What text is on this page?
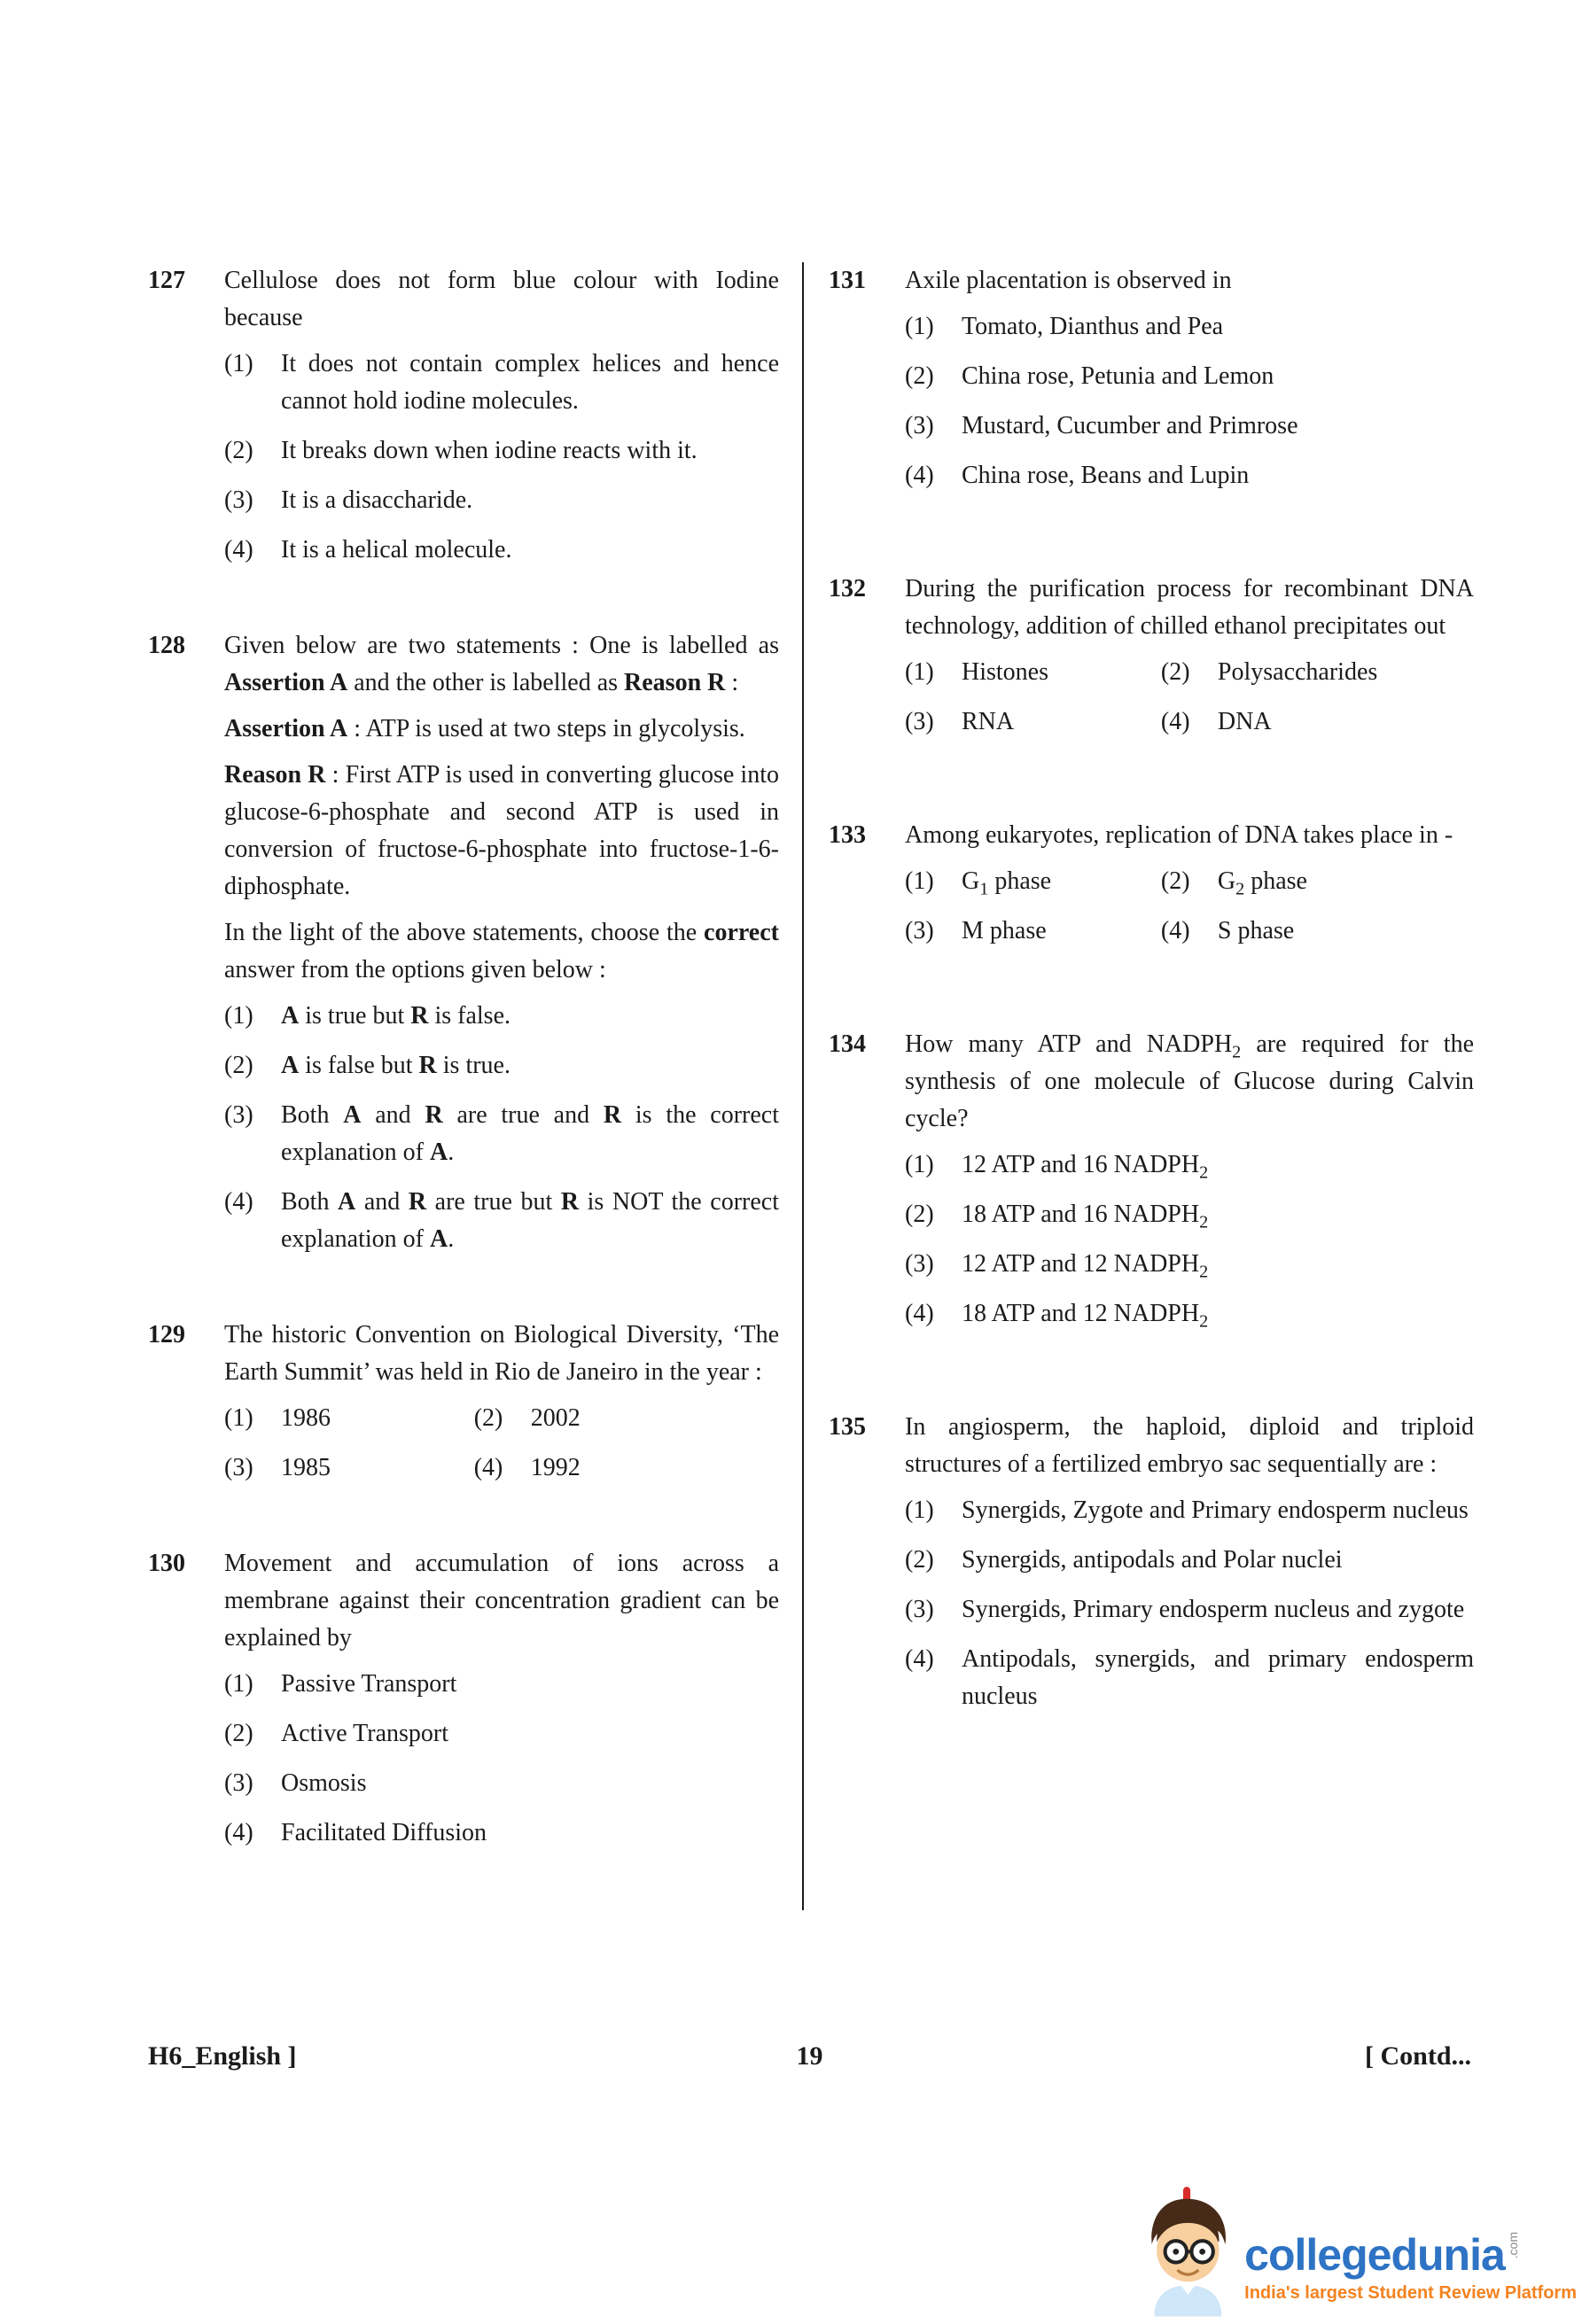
127	Cellulose does not form blue colour with Iodine because

(1)	It does not contain complex helices and hence cannot hold iodine molecules.
(2)	It breaks down when iodine reacts with it.
(3)	It is a disaccharide.
(4)	It is a helical molecule.
128	Given below are two statements : One is labelled as Assertion A and the other is labelled as Reason R :

Assertion A : ATP is used at two steps in glycolysis.

Reason R : First ATP is used in converting glucose into glucose-6-phosphate and second ATP is used in conversion of fructose-6-phosphate into fructose-1-6-diphosphate.

In the light of the above statements, choose the correct answer from the options given below :

(1)	A is true but R is false.
(2)	A is false but R is true.
(3)	Both A and R are true and R is the correct explanation of A.
(4)	Both A and R are true but R is NOT the correct explanation of A.
129	The historic Convention on Biological Diversity, ‘The Earth Summit’ was held in Rio de Janeiro in the year :

(1)	1986	(2)	2002
(3)	1985	(4)	1992
130	Movement and accumulation of ions across a membrane against their concentration gradient can be explained by

(1)	Passive Transport
(2)	Active Transport
(3)	Osmosis
(4)	Facilitated Diffusion
131	Axile placentation is observed in

(1)	Tomato, Dianthus and Pea
(2)	China rose, Petunia and Lemon
(3)	Mustard, Cucumber and Primrose
(4)	China rose, Beans and Lupin
132	During the purification process for recombinant DNA technology, addition of chilled ethanol precipitates out

(1)	Histones	(2)	Polysaccharides
(3)	RNA	(4)	DNA
133	Among eukaryotes, replication of DNA takes place in -

(1)	$G_1$ phase	(2)	$G_2$ phase
(3)	M phase	(4)	S phase
134	How many ATP and $NADPH_2$ are required for the synthesis of one molecule of Glucose during Calvin cycle?

(1)	12 ATP and 16 $NADPH_2$
(2)	18 ATP and 16 $NADPH_2$
(3)	12 ATP and 12 $NADPH_2$
(4)	18 ATP and 12 $NADPH_2$
135	In angiosperm, the haploid, diploid and triploid structures of a fertilized embryo sac sequentially are :

(1)	Synergids, Zygote and Primary endosperm nucleus
(2)	Synergids, antipodals and Polar nuclei
(3)	Synergids, Primary endosperm nucleus and zygote
(4)	Antipodals, synergids, and primary endosperm nucleus
19
H6_English ]	[ Contd...
collegedunia .com
India's largest Student Review Platform
